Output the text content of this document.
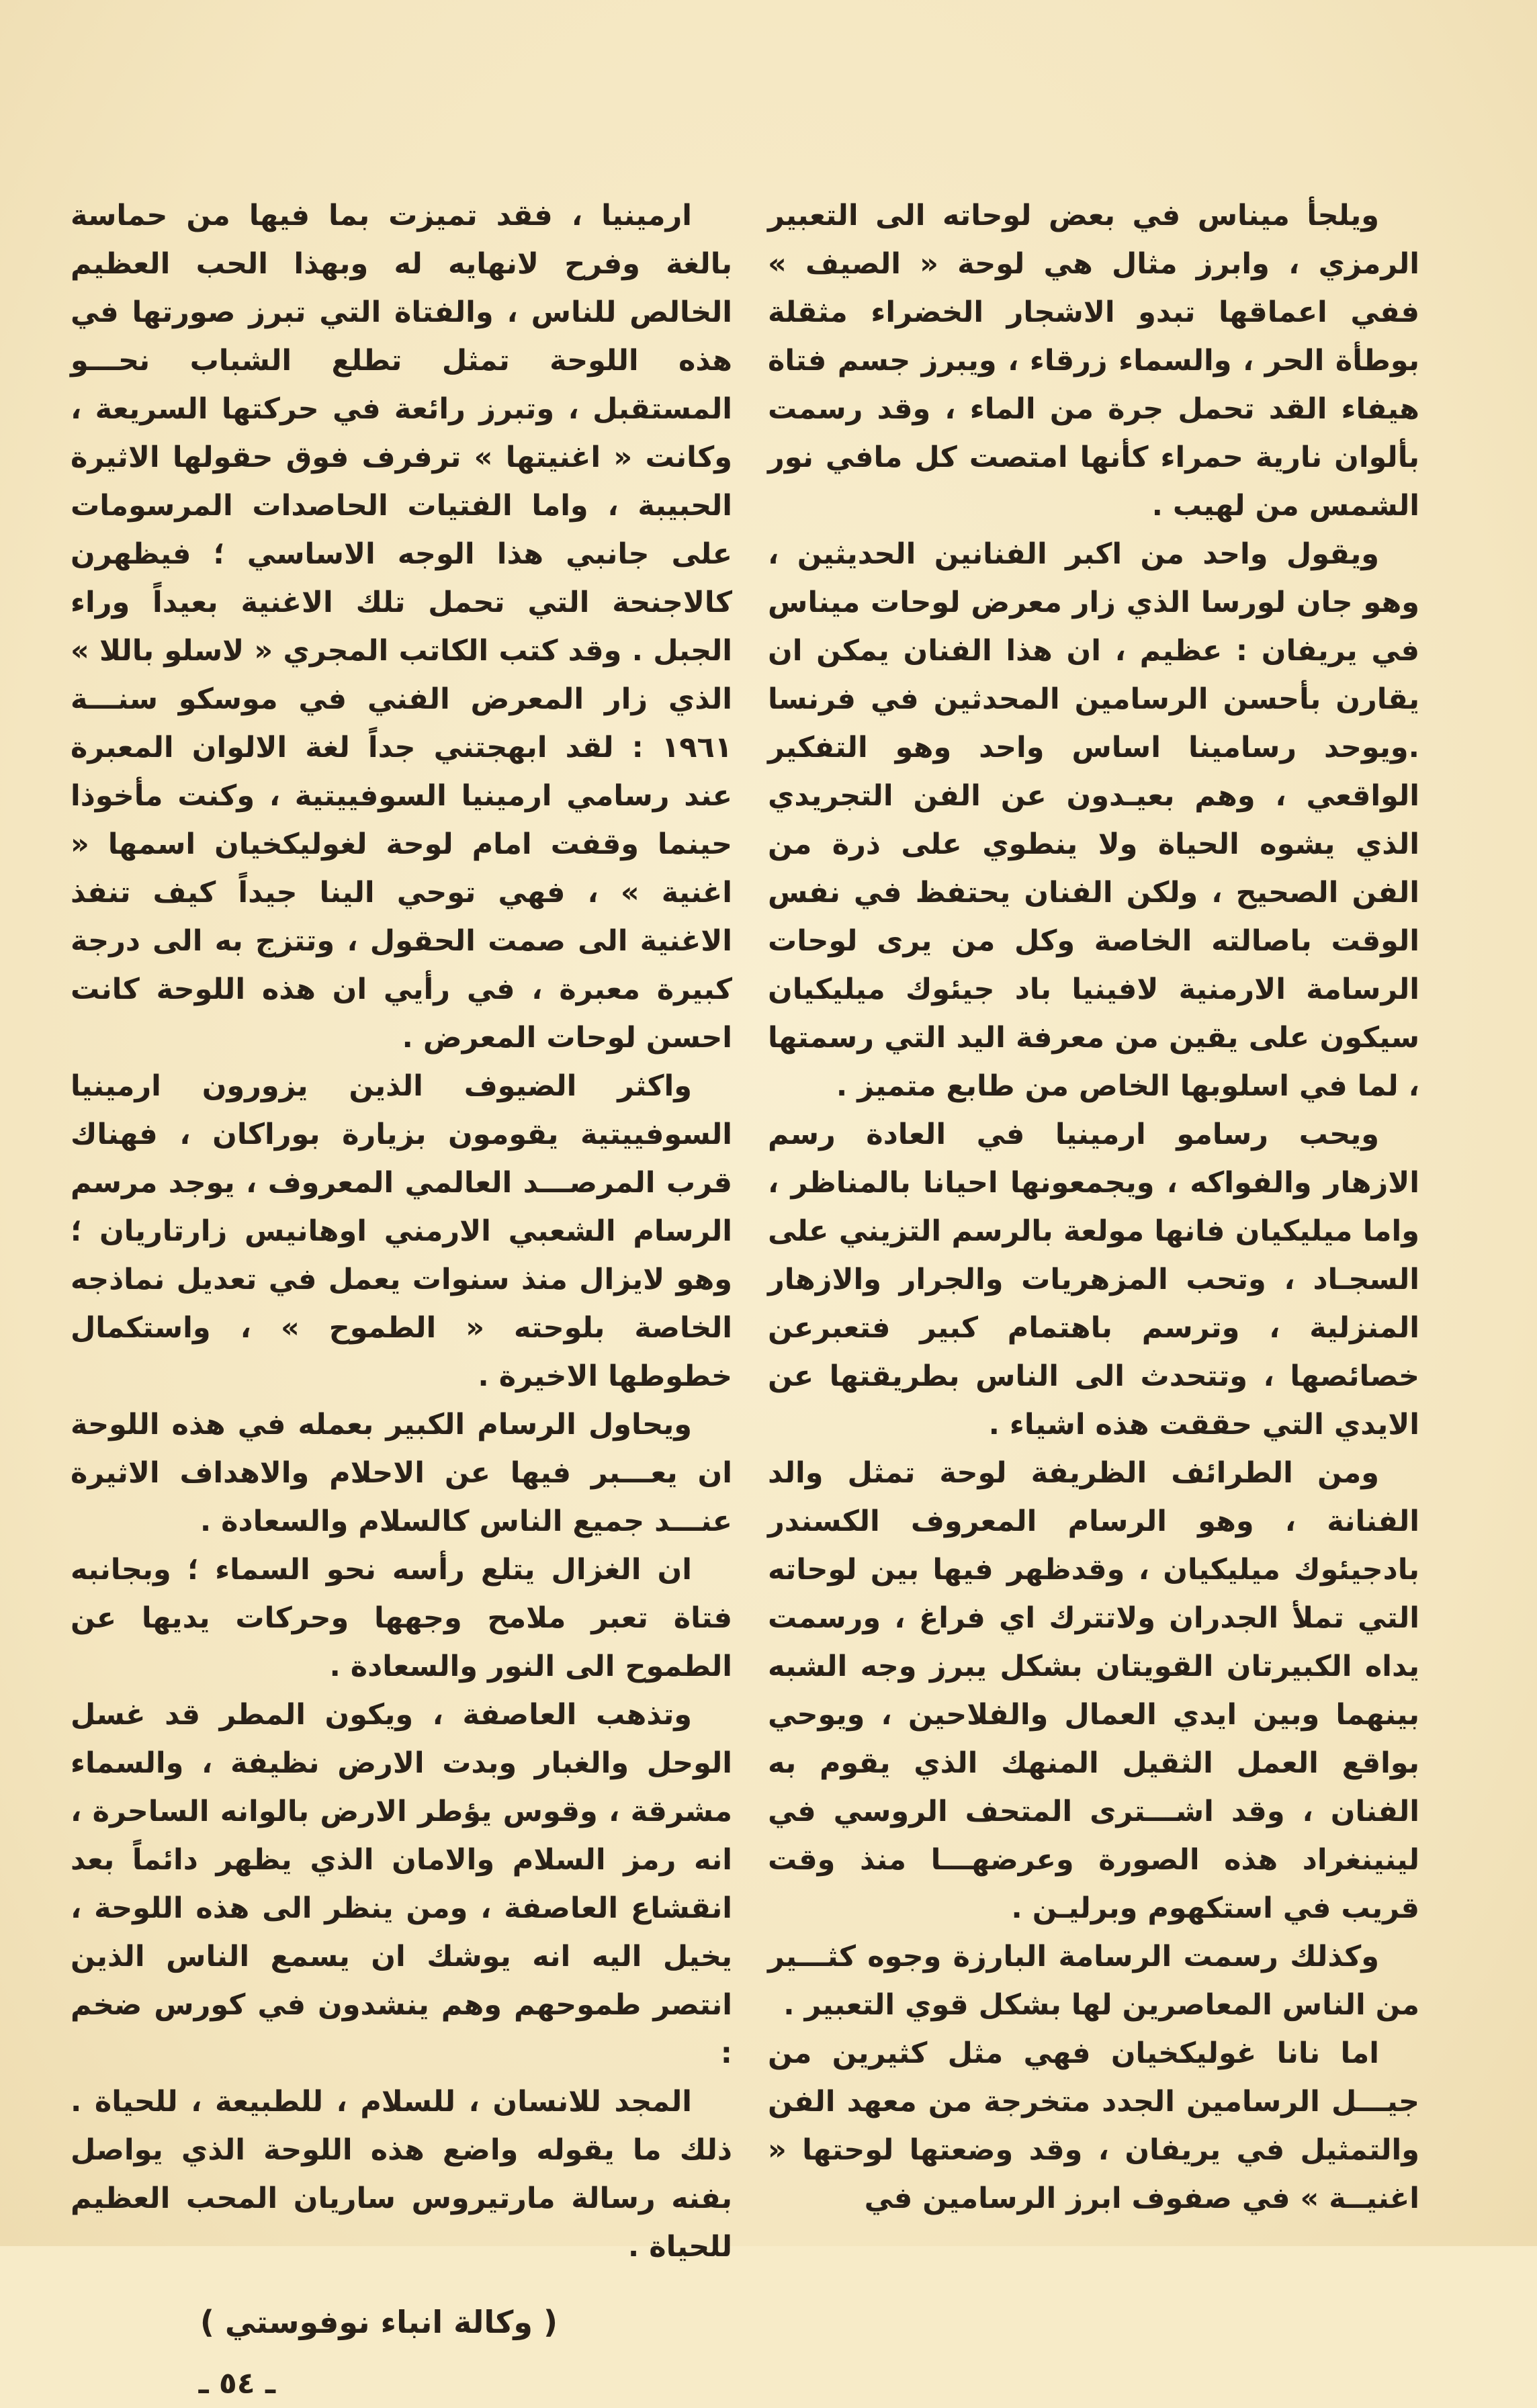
ويلجأ ميناس في بعض لوحاته الى التعبير الرمزي ، وابرز مثال هي لوحة « الصيف » ففي اعماقها تبدو الاشجار الخضراء مثقلة بوطأة الحر ، والسماء زرقاء ، ويبرز جسم فتاة هيفاء القد تحمل جرة من الماء ، وقد رسمت بألوان نارية حمراء كأنها امتصت كل مافي نور الشمس من لهيب .

ويقول واحد من اكبر الفنانين الحديثين ، وهو جان لورسا الذي زار معرض لوحات ميناس في يريفان : عظيم ، ان هذا الفنان يمكن ان يقارن بأحسن الرسامين المحدثين في فرنسا .ويوحد رسامينا اساس واحد وهو التفكير الواقعي ، وهم بعيـدون عن الفن التجريدي الذي يشوه الحياة ولا ينطوي على ذرة من الفن الصحيح ، ولكن الفنان يحتفظ في نفس الوقت باصالته الخاصة وكل من يرى لوحات الرسامة الارمنية لافينيا باد جيئوك ميليكيان سيكون على يقين من معرفة اليد التي رسمتها ، لما في اسلوبها الخاص من طابع متميز .

ويحب رسامو ارمينيا في العادة رسم الازهار والفواكه ، ويجمعونها احيانا بالمناظر ، واما ميليكيان فانها مولعة بالرسم التزيني على السجـاد ، وتحب المزهريات والجرار والازهار المنزلية ، وترسم باهتمام كبير فتعبرعن خصائصها ، وتتحدث الى الناس بطريقتها عن الايدي التي حققت هذه اشياء .

ومن الطرائف الظريفة لوحة تمثل والد الفنانة ، وهو الرسام المعروف الكسندر بادجيئوك ميليكيان ، وقدظهر فيها بين لوحاته التي تملأ الجدران ولاتترك اي فراغ ، ورسمت يداه الكبيرتان القويتان بشكل يبرز وجه الشبه بينهما وبين ايدي العمال والفلاحين ، ويوحي بواقع العمل الثقيل المنهك الذي يقوم به الفنان ، وقد اشـــترى المتحف الروسي في لينينغراد هذه الصورة وعرضهـــا منذ وقت قريب في استكهوم وبرليـن .

وكذلك رسمت الرسامة البارزة وجوه كثـــير من الناس المعاصرين لها بشكل قوي التعبير .

اما نانا غوليكخيان فهي مثل كثيرين من جيـــل الرسامين الجدد متخرجة من معهد الفن والتمثيل في يريفان ، وقد وضعتها لوحتها « اغنيــة » في صفوف ابرز الرسامين في

ارمينيا ، فقد تميزت بما فيها من حماسة بالغة وفرح لانهايه له وبهذا الحب العظيم الخالص للناس ، والفتاة التي تبرز صورتها في هذه اللوحة تمثل تطلع الشباب نحـــو المستقبل ، وتبرز رائعة في حركتها السريعة ، وكانت « اغنيتها » ترفرف فوق حقولها الاثيرة الحبيبة ، واما الفتيات الحاصدات المرسومات على جانبي هذا الوجه الاساسي ؛ فيظهرن كالاجنحة التي تحمل تلك الاغنية بعيداً وراء الجبل . وقد كتب الكاتب المجري « لاسلو باللا » الذي زار المعرض الفني في موسكو سنـــة ١٩٦١ : لقد ابهجتني جداً لغة الالوان المعبرة عند رسامي ارمينيا السوفييتية ، وكنت مأخوذا حينما وقفت امام لوحة لغوليكخيان اسمها « اغنية » ، فهي توحي الينا جيداً كيف تنفذ الاغنية الى صمت الحقول ، وتتزج به الى درجة كبيرة معبرة ، في رأيي ان هذه اللوحة كانت احسن لوحات المعرض .

واكثر الضيوف الذين يزورون ارمينيا السوفييتية يقومون بزيارة بوراكان ، فهناك قرب المرصـــد العالمي المعروف ، يوجد مرسم الرسام الشعبي الارمني اوهانيس زارتاريان ؛ وهو لايزال منذ سنوات يعمل في تعديل نماذجه الخاصة بلوحته « الطموح » ، واستكمال خطوطها الاخيرة .

ويحاول الرسام الكبير بعمله في هذه اللوحة ان يعـــبر فيها عن الاحلام والاهداف الاثيرة عنـــد جميع الناس كالسلام والسعادة .

ان الغزال يتلع رأسه نحو السماء ؛ وبجانبه فتاة تعبر ملامح وجهها وحركات يديها عن الطموح الى النور والسعادة .

وتذهب العاصفة ، ويكون المطر قد غسل الوحل والغبار وبدت الارض نظيفة ، والسماء مشرقة ، وقوس يؤطر الارض بالوانه الساحرة ، انه رمز السلام والامان الذي يظهر دائماً بعد انقشاع العاصفة ، ومن ينظر الى هذه اللوحة ، يخيل اليه انه يوشك ان يسمع الناس الذين انتصر طموحهم وهم ينشدون في كورس ضخم :

المجد للانسان ، للسلام ، للطبيعة ، للحياة . ذلك ما يقوله واضع هذه اللوحة الذي يواصل بفنه رسالة مارتيروس ساريان المحب العظيم للحياة .

( وكالة انباء نوفوستي )

ـ ٥٤ ـ
